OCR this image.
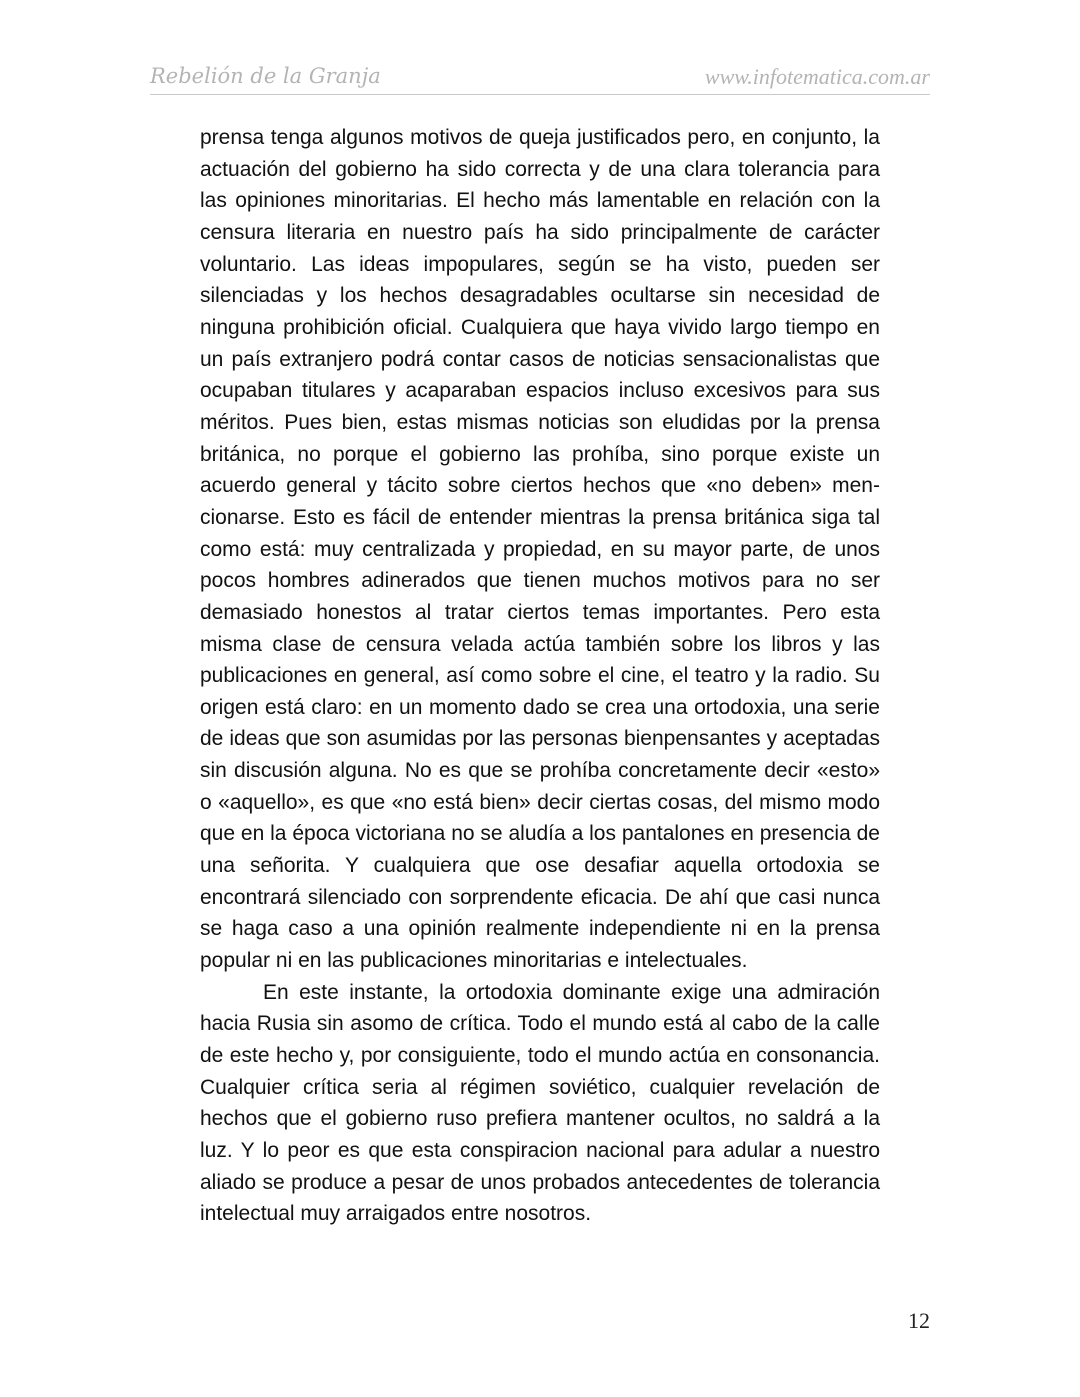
Rebelión de la Granja	www.infotematica.com.ar

prensa tenga algunos motivos de queja justificados pero, en conjunto, la actuación del gobierno ha sido correcta y de una clara tolerancia para las opiniones minoritarias. El hecho más lamentable en relación con la censura literaria en nuestro país ha sido principalmente de carácter voluntario. Las ideas impopulares, según se ha visto, pueden ser silenciadas y los hechos desagradables ocultarse sin necesidad de ninguna prohibición oficial. Cualquiera que haya vivido largo tiempo en un país extranjero podrá contar casos de noticias sensacionalistas que ocupaban titulares y acaparaban espacios incluso excesivos para sus méritos. Pues bien, estas mismas noticias son eludidas por la prensa británica, no porque el gobierno las prohíba, sino porque existe un acuerdo general y tácito sobre ciertos hechos que «no deben» mencionarse. Esto es fácil de entender mientras la prensa británica siga tal como está: muy centralizada y propiedad, en su mayor parte, de unos pocos hombres adinerados que tienen muchos motivos para no ser demasiado honestos al tratar ciertos temas importantes. Pero esta misma clase de censura velada actúa también sobre los libros y las publicaciones en general, así como sobre el cine, el teatro y la radio. Su origen está claro: en un momento dado se crea una ortodoxia, una serie de ideas que son asumidas por las personas bienpensantes y aceptadas sin discusión alguna. No es que se prohíba concretamente decir «esto» o «aquello», es que «no está bien» decir ciertas cosas, del mismo modo que en la época victoriana no se aludía a los pantalones en presencia de una señorita. Y cualquiera que ose desafiar aquella ortodoxia se encontrará silenciado con sorprendente eficacia. De ahí que casi nunca se haga caso a una opinión realmente independiente ni en la prensa popular ni en las publicaciones minoritarias e intelectuales.

En este instante, la ortodoxia dominante exige una admiración hacia Rusia sin asomo de crítica. Todo el mundo está al cabo de la calle de este hecho y, por consiguiente, todo el mundo actúa en consonancia. Cualquier crítica seria al régimen soviético, cualquier revelación de hechos que el gobierno ruso prefiera mantener ocultos, no saldrá a la luz. Y lo peor es que esta conspiracion nacional para adular a nuestro aliado se produce a pesar de unos probados antecedentes de tolerancia intelectual muy arraigados entre nosotros.

12
